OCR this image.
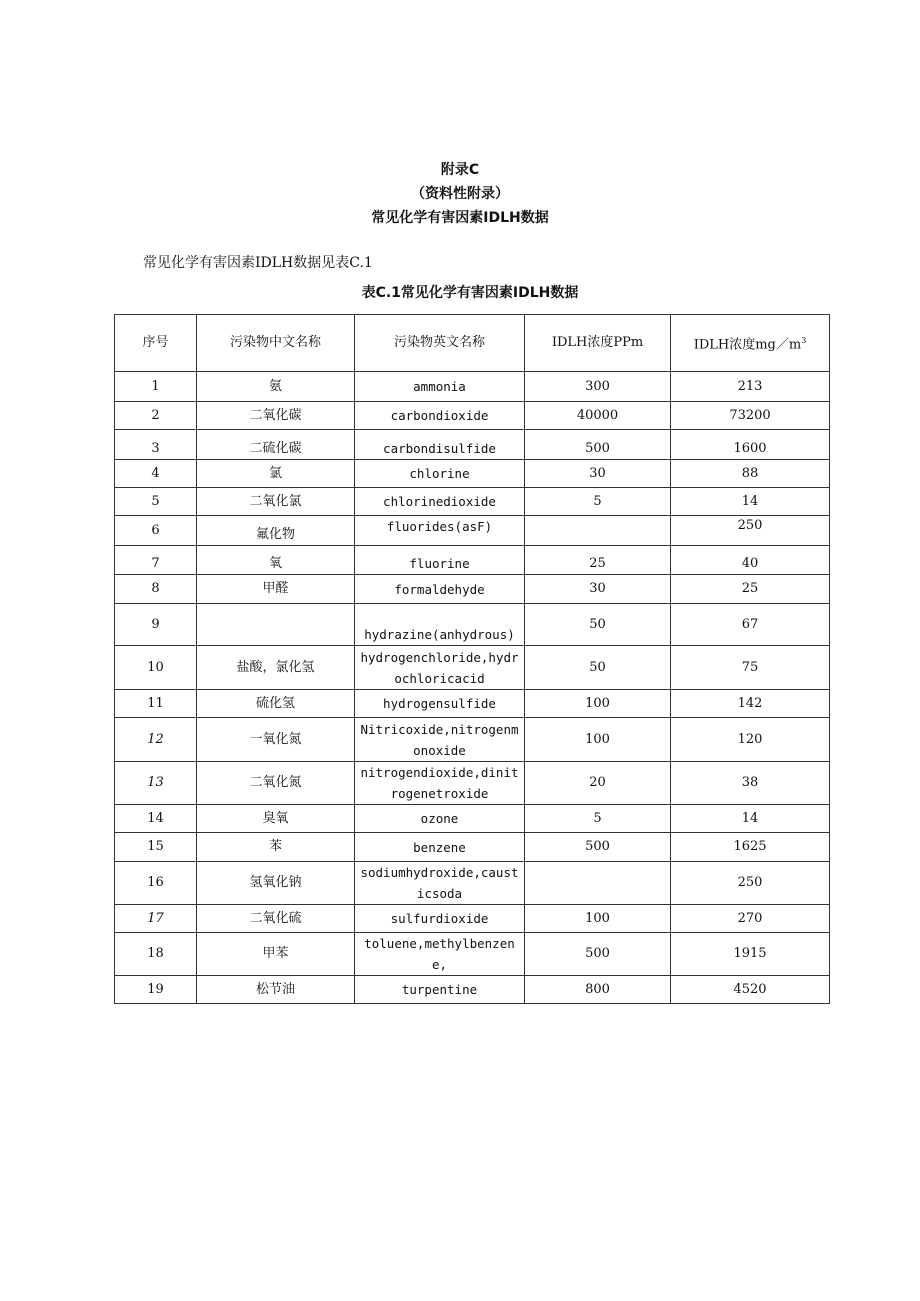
附录C
（资料性附录）
常见化学有害因素IDLH数据
常见化学有害因素IDLH数据见表C.1
表C.1常见化学有害因素IDLH数据
序号	污染物中文名称	污染物英文名称	IDLH浓度PPm	IDLH浓度$mg/m^3$
1	氨	ammonia	300	213
2	二氧化碳	carbondioxide	40000	73200
3	二硫化碳	carbondisulfide	500	1600
4	氯	chlorine	30	88
5	二氧化氯	chlorinedioxide	5	14
6	氟化物	fluorides(asF)		250
7	氧	fluorine	25	40
8	甲醛	formaldehyde	30	25
9		hydrazine(anhydrous)	50	67
10	盐酸，氯化氢	hydrogenchloride,hydrochloricacid	50	75
11	硫化氢	hydrogensulfide	100	142
12	一氧化氮	Nitricoxide,nitrogenmonoxide	100	120
13	二氧化氮	nitrogendioxide,dinitrogenetroxide	20	38
14	臭氧	ozone	5	14
15	苯	benzene	500	1625
16	氢氧化钠	sodiumhydroxide,causticsoda		250
17	二氧化硫	sulfurdioxide	100	270
18	甲苯	toluene,methylbenzene,	500	1915
19	松节油	turpentine	800	4520
